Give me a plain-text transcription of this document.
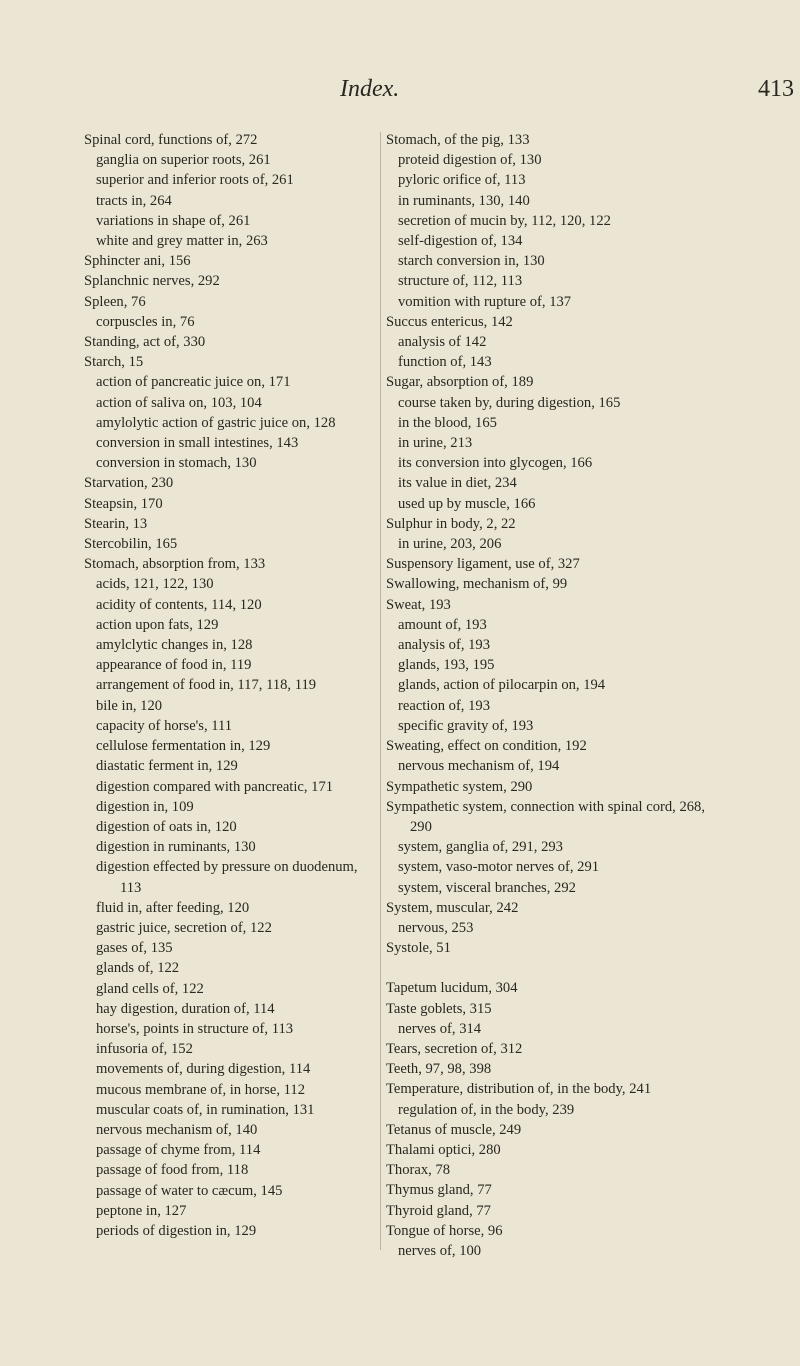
Index.	413

Spinal cord, functions of, 272

ganglia on superior roots, 261

superior and inferior roots of, 261

tracts in, 264

variations in shape of, 261

white and grey matter in, 263

Sphincter ani, 156

Splanchnic nerves, 292

Spleen, 76

corpuscles in, 76

Standing, act of, 330

Starch, 15

action of pancreatic juice on, 171

action of saliva on, 103, 104

amylolytic action of gastric juice on, 128

conversion in small intestines, 143

conversion in stomach, 130

Starvation, 230

Steapsin, 170

Stearin, 13

Stercobilin, 165

Stomach, absorption from, 133

acids, 121, 122, 130

acidity of contents, 114, 120

action upon fats, 129

amylclytic changes in, 128

appearance of food in, 119

arrangement of food in, 117, 118, 119

bile in, 120

capacity of horse's, 111

cellulose fermentation in, 129

diastatic ferment in, 129

digestion compared with pancreatic, 171

digestion in, 109

digestion of oats in, 120

digestion in ruminants, 130

digestion effected by pressure on duodenum, 113

fluid in, after feeding, 120

gastric juice, secretion of, 122

gases of, 135

glands of, 122

gland cells of, 122

hay digestion, duration of, 114

horse's, points in structure of, 113

infusoria of, 152

movements of, during digestion, 114

mucous membrane of, in horse, 112

muscular coats of, in rumination, 131

nervous mechanism of, 140

passage of chyme from, 114

passage of food from, 118

passage of water to cæcum, 145

peptone in, 127

periods of digestion in, 129

Stomach, of the pig, 133

proteid digestion of, 130

pyloric orifice of, 113

in ruminants, 130, 140

secretion of mucin by, 112, 120, 122

self-digestion of, 134

starch conversion in, 130

structure of, 112, 113

vomition with rupture of, 137

Succus entericus, 142

analysis of 142

function of, 143

Sugar, absorption of, 189

course taken by, during digestion, 165

in the blood, 165

in urine, 213

its conversion into glycogen, 166

its value in diet, 234

used up by muscle, 166

Sulphur in body, 2, 22

in urine, 203, 206

Suspensory ligament, use of, 327

Swallowing, mechanism of, 99

Sweat, 193

amount of, 193

analysis of, 193

glands, 193, 195

glands, action of pilocarpin on, 194

reaction of, 193

specific gravity of, 193

Sweating, effect on condition, 192

nervous mechanism of, 194

Sympathetic system, 290

Sympathetic system, connection with spinal cord, 268, 290

system, ganglia of, 291, 293

system, vaso-motor nerves of, 291

system, visceral branches, 292

System, muscular, 242

nervous, 253

Systole, 51

Tapetum lucidum, 304

Taste goblets, 315

nerves of, 314

Tears, secretion of, 312

Teeth, 97, 98, 398

Temperature, distribution of, in the body, 241

regulation of, in the body, 239

Tetanus of muscle, 249

Thalami optici, 280

Thorax, 78

Thymus gland, 77

Thyroid gland, 77

Tongue of horse, 96

nerves of, 100
